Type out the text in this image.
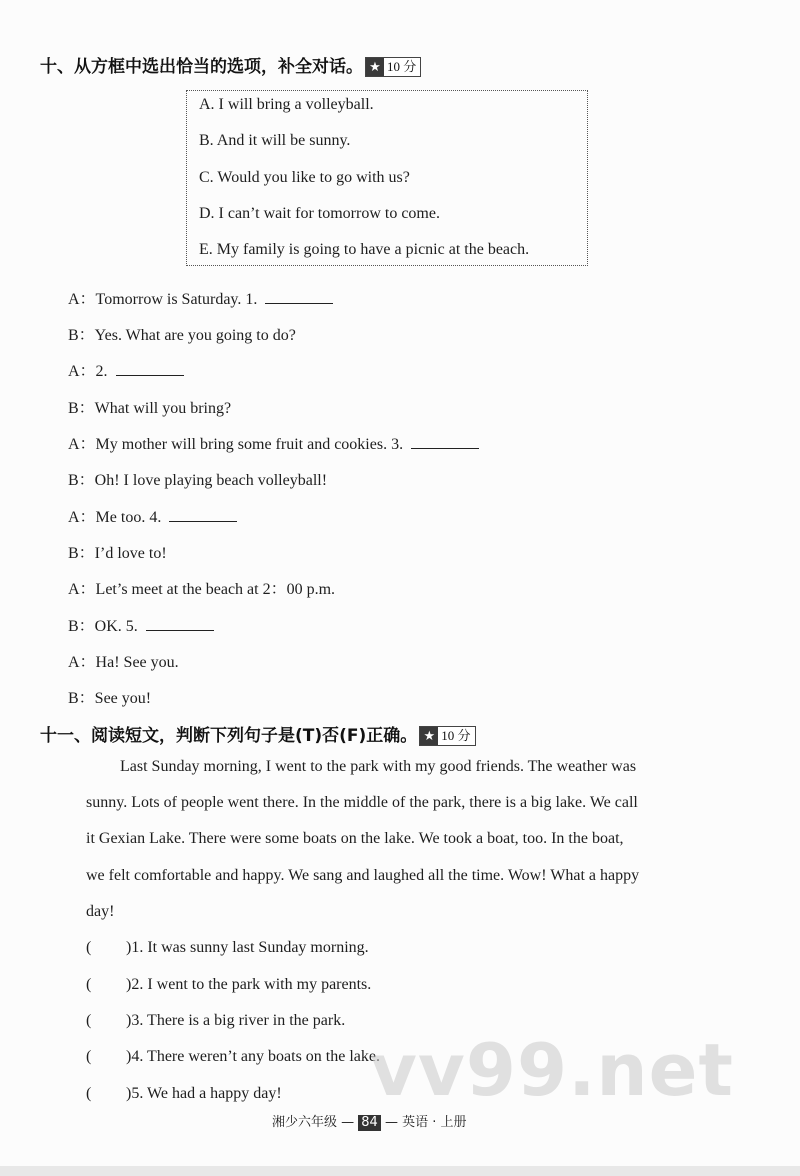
十、从方框中选出恰当的选项，补全对话。 ★ 10 分
A. I will bring a volleyball.
B. And it will be sunny.
C. Would you like to go with us?
D. I can’t wait for tomorrow to come.
E. My family is going to have a picnic at the beach.
A：Tomorrow is Saturday. 1.
B：Yes. What are you going to do?
A：2.
B：What will you bring?
A：My mother will bring some fruit and cookies. 3.
B：Oh! I love playing beach volleyball!
A：Me too. 4.
B：I’d love to!
A：Let’s meet at the beach at 2：00 p.m.
B：OK. 5.
A：Ha! See you.
B：See you!
十一、阅读短文，判断下列句子是(T)否(F)正确。 ★ 10 分
Last Sunday morning, I went to the park with my good friends. The weather was
sunny. Lots of people went there. In the middle of the park, there is a big lake. We call
it Gexian Lake. There were some boats on the lake. We took a boat, too. In the boat,
we felt comfortable and happy. We sang and laughed all the time. Wow! What a happy
day!
( )1. It was sunny last Sunday morning.
( )2. I went to the park with my parents.
( )3. There is a big river in the park.
( )4. There weren’t any boats on the lake.
( )5. We had a happy day! vv99.net
湘少六年级 — 84 — 英语 · 上册
